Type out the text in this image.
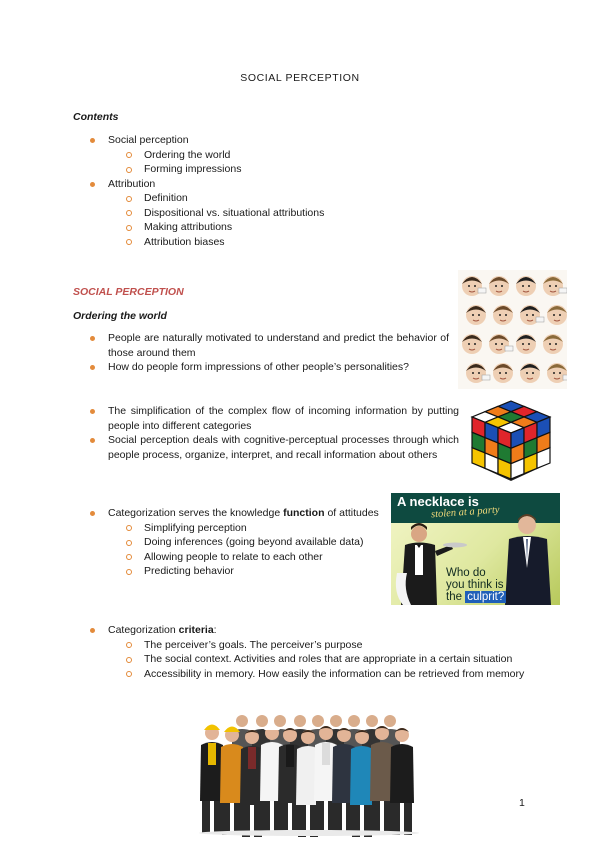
SOCIAL PERCEPTION
Contents
Social perception
Ordering the world
Forming impressions
Attribution
Definition
Dispositional vs. situational attributions
Making attributions
Attribution biases
SOCIAL PERCEPTION
Ordering the world
People are naturally motivated to understand and predict the behavior of those around them
How do people form impressions of other people’s personalities?
The simplification of the complex flow of incoming information by putting people into different categories
Social perception deals with cognitive-perceptual processes through which people process, organize, interpret, and recall information about others
Categorization serves the knowledge function of attitudes
Simplifying perception
Doing inferences (going beyond available data)
Allowing people to relate to each other
Predicting behavior
Categorization criteria:
The perceiver’s goals. The perceiver’s purpose
The social context. Activities and roles that are appropriate in a certain situation
Accessibility in memory. How easily the information can be retrieved from memory
A necklace is
stolen at a party
Who do
you think is
the culprit?
1
